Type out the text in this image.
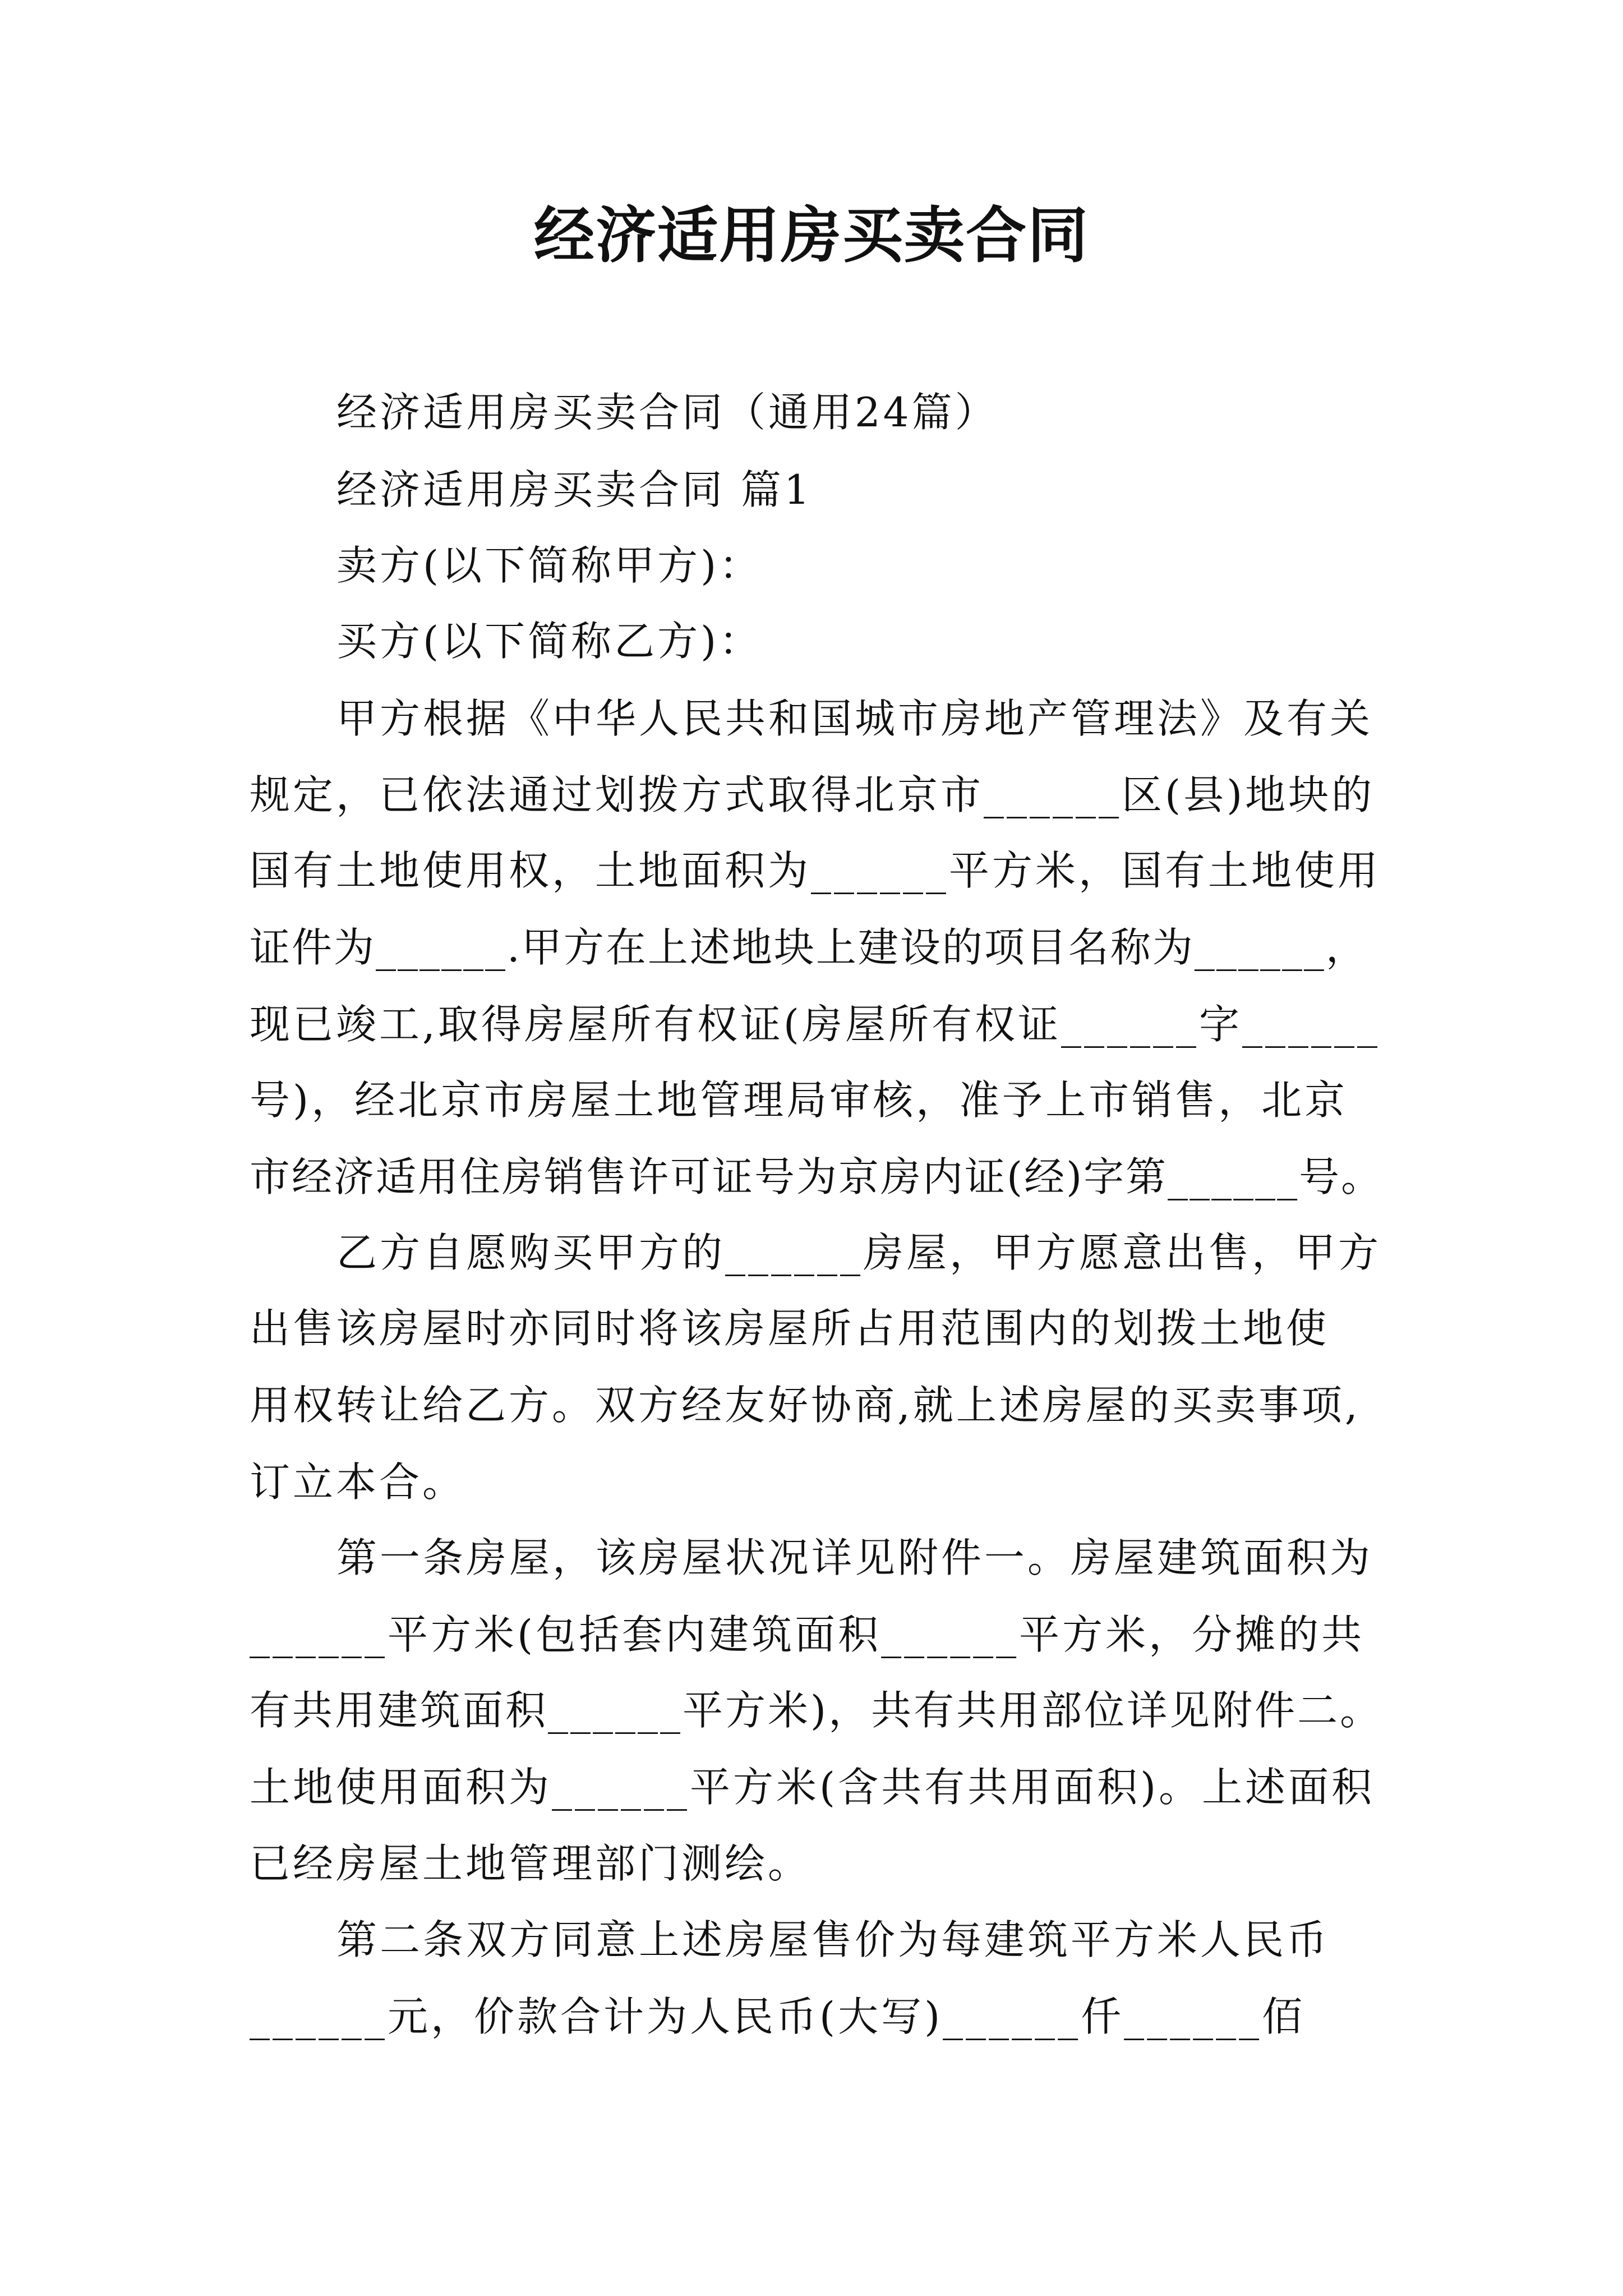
经济适用房买卖合同
经济适用房买卖合同（通用24篇）
经济适用房买卖合同 篇1
卖方(以下简称甲方)：
买方(以下简称乙方)：
甲方根据《中华人民共和国城市房地产管理法》及有关
规定，已依法通过划拨方式取得北京市______区(县)地块的
国有土地使用权，土地面积为______平方米，国有土地使用
证件为______.甲方在上述地块上建设的项目名称为______，
现已竣工,取得房屋所有权证(房屋所有权证______字______
号)，经北京市房屋土地管理局审核，准予上市销售，北京
市经济适用住房销售许可证号为京房内证(经)字第______号。
乙方自愿购买甲方的______房屋，甲方愿意出售，甲方
出售该房屋时亦同时将该房屋所占用范围内的划拨土地使
用权转让给乙方。双方经友好协商,就上述房屋的买卖事项,
订立本合。
第一条房屋，该房屋状况详见附件一。房屋建筑面积为
______平方米(包括套内建筑面积______平方米，分摊的共
有共用建筑面积______平方米)，共有共用部位详见附件二。
土地使用面积为______平方米(含共有共用面积)。上述面积
已经房屋土地管理部门测绘。
第二条双方同意上述房屋售价为每建筑平方米人民币
______元，价款合计为人民币(大写)______仟______佰
